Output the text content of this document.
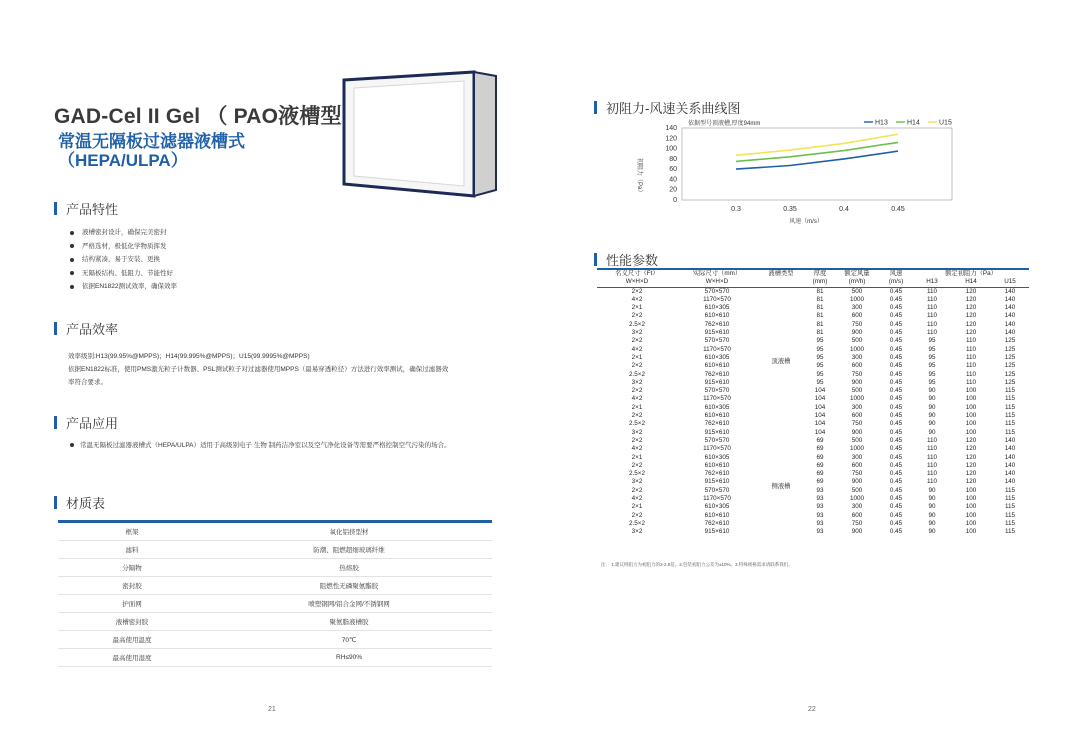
GAD-Cel II Gel （ PAO液槽型
常温无隔板过滤器液槽式
（HEPA/ULPA）
产品特性
液槽密封设计，确保完美密封
严格选材，极低化学物质挥发
结构紧凑，易于安装、更换
无隔板结构、低阻力、节能性好
依据EN1822测试效率，确保效率
产品效率
效率级别:H13(99.95%@MPPS)；H14(99.995%@MPPS)；U15(99.9995%@MPPS)
依据EN1822标准，使用PMS激光粒子计数器、PSL测试粒子对过滤器使用MPPS（最易穿透粒径）方法进行效率测试，确保过滤器效
率符合要求。
产品应用
常温无隔板过滤器液槽式（HEPA/ULPA）适用于高级别电子 生物 制药洁净室以及空气净化设备等需要严格控制空气污染的场合。
材质表
框架	氧化铝挤型材
滤料	防潮、阻燃超细玻璃纤维
分隔物	热熔胶
密封胶	阻燃性无磷聚氨酯胶
护面网	喷塑钢网/铝合金网/不锈钢网
液槽密封胶	聚氨脂液槽胶
最高使用温度	70℃
最高使用湿度	RH≤90%
21
初阻力-风速关系曲线图
初阻力（Pa）
依据型号顶液槽,厚度94mm
0
20
40
60
80
100
120
140
0.3	0.35	0.4	0.45
H13	H14	U15
风速（m/s）
性能参数
名义尺寸（Ft）	实际尺寸（mm）	液槽类型	厚度	额定风量	风速	额定初阻力（Pa）		
W×H×D	W×H×D		(mm)	(m³/h)	(m/s)	H13	H14	U15
2×2	570×570	顶液槽	81	500	0.45	110	120	140
4×2	1170×570		81	1000	0.45	110	120	140
2×1	610×305		81	300	0.45	110	120	140
2×2	610×610		81	600	0.45	110	120	140
2.5×2	762×610		81	750	0.45	110	120	140
3×2	915×610		81	900	0.45	110	120	140
2×2	570×570		95	500	0.45	95	110	125
4×2	1170×570		95	1000	0.45	95	110	125
2×1	610×305		95	300	0.45	95	110	125
2×2	610×610		95	600	0.45	95	110	125
2.5×2	762×610		95	750	0.45	95	110	125
3×2	915×610		95	900	0.45	95	110	125
2×2	570×570		104	500	0.45	90	100	115
4×2	1170×570		104	1000	0.45	90	100	115
2×1	610×305		104	300	0.45	90	100	115
2×2	610×610		104	600	0.45	90	100	115
2.5×2	762×610		104	750	0.45	90	100	115
3×2	915×610		104	900	0.45	90	100	115
2×2	570×570	侧液槽	69	500	0.45	110	120	140
4×2	1170×570		69	1000	0.45	110	120	140
2×1	610×305		69	300	0.45	110	120	140
2×2	610×610		69	600	0.45	110	120	140
2.5×2	762×610		69	750	0.45	110	120	140
3×2	915×610		69	900	0.45	110	120	140
2×2	570×570		93	500	0.45	90	100	115
4×2	1170×570		93	1000	0.45	90	100	115
2×1	610×305		93	300	0.45	90	100	115
2×2	610×610		93	600	0.45	90	100	115
2.5×2	762×610		93	750	0.45	90	100	115
3×2	915×610		93	900	0.45	90	100	115
注： 1.建议终阻力为初阻力的2-2.5倍。2.包装初阻力公差为±10%。3.特殊规格需求请联系我们。
22
